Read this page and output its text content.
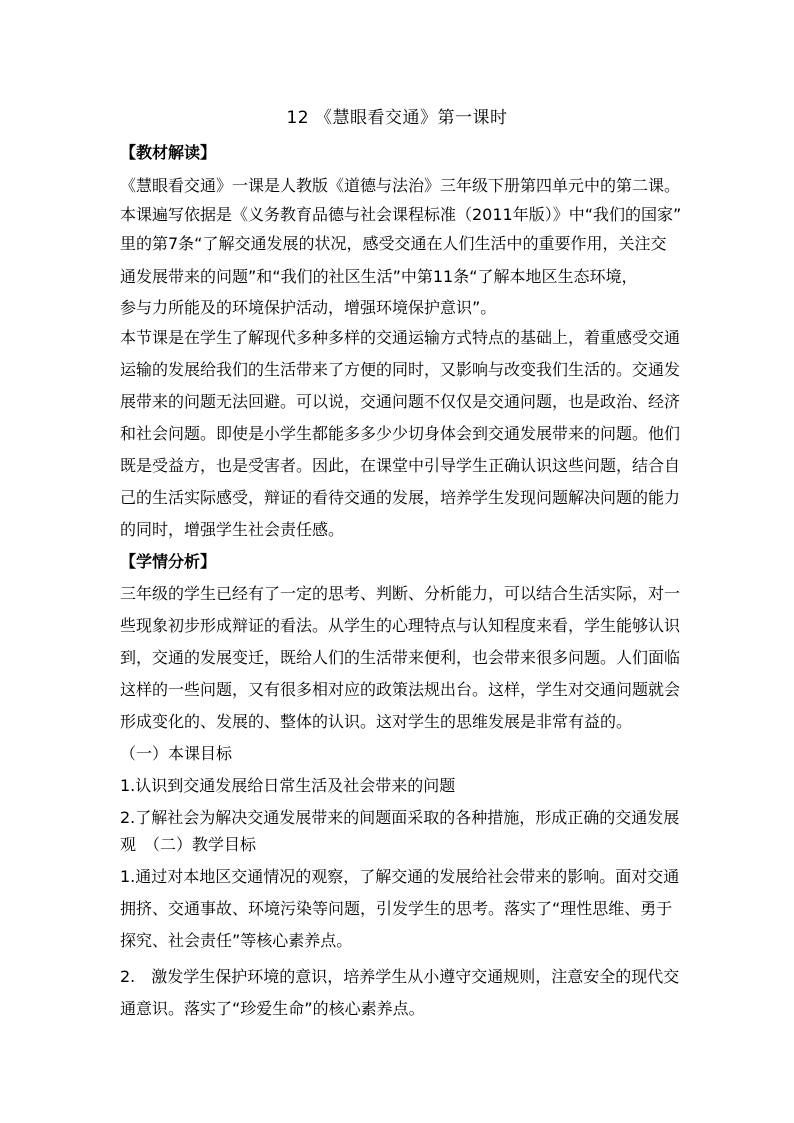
12 《慧眼看交通》第一课时
【教材解读】
《慧眼看交通》一课是人教版《道德与法治》三年级下册第四单元中的第二课。
本课遍写依据是《义务教育品德与社会课程标准（2011年版）》中“我们的国家”
里的第7条“了解交通发展的状况，感受交通在人们生活中的重要作用，关注交
通发展带来的问题”和“我们的社区生活”中第11条“了解本地区生态环境，
参与力所能及的环境保护活动，增强环境保护意识”。
本节课是在学生了解现代多种多样的交通运输方式特点的基础上，着重感受交通
运输的发展给我们的生活带来了方便的同时，又影响与改变我们生活的。交通发
展带来的问题无法回避。可以说，交通问题不仅仅是交通问题，也是政治、经济
和社会问题。即使是小学生都能多多少少切身体会到交通发展带来的问题。他们
既是受益方，也是受害者。因此，在课堂中引导学生正确认识这些问题，结合自
己的生活实际感受，辩证的看待交通的发展，培养学生发现问题解决问题的能力
的同时，增强学生社会责任感。
【学情分析】
三年级的学生已经有了一定的思考、判断、分析能力，可以结合生活实际，对一
些现象初步形成辩证的看法。从学生的心理特点与认知程度来看，学生能够认识
到，交通的发展变迁，既给人们的生活带来便利，也会带来很多问题。人们面临
这样的一些问题，又有很多相对应的政策法规出台。这样，学生对交通问题就会
形成变化的、发展的、整体的认识。这对学生的思维发展是非常有益的。
（一）本课目标
1.认识到交通发展给日常生活及社会带来的问题
2.了解社会为解决交通发展带来的间题面采取的各种措施，形成正确的交通发展
观　（二）教学目标
1.通过对本地区交通情况的观察，了解交通的发展给社会带来的影响。面对交通
拥挤、交通事故、环境污染等问题，引发学生的思考。落实了“理性思维、勇于
探究、社会责任”等核心素养点。
2.　激发学生保护环境的意识，培养学生从小遵守交通规则，注意安全的现代交
通意识。落实了“珍爱生命”的核心素养点。
